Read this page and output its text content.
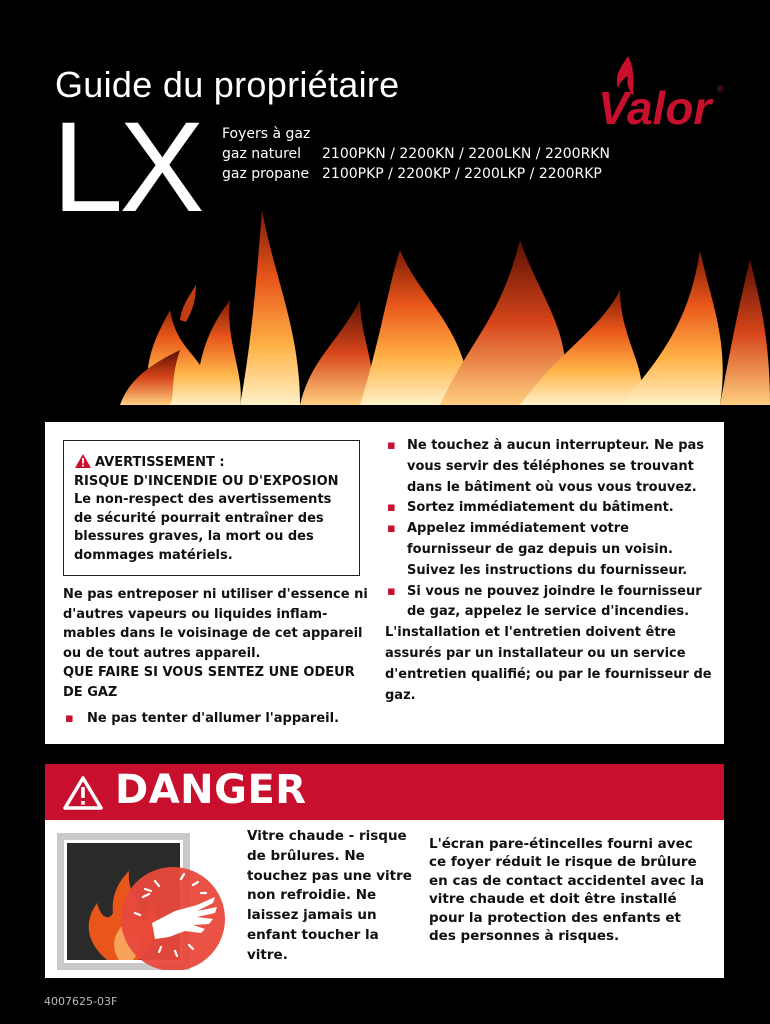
Guide du propriétaire
LX Foyers à gaz
gaz naturel	2100PKN / 2200KN / 2200LKN / 2200RKN
gaz propane 2100PKP / 2200KP / 2200LKP / 2200RKP
Valor ®
AVERTISSEMENT :
RISQUE D'INCENDIE OU D'EXPOSION
Le non-respect des avertissements de sécurité pourrait entraîner des blessures graves, la mort ou des dommages matériels.
Ne pas entreposer ni utiliser d'essence ni d'autres vapeurs ou liquides inflam-mables dans le voisinage de cet appareil ou de tout autres appareil.
QUE FAIRE SI VOUS SENTEZ UNE ODEUR DE GAZ
▪	Ne pas tenter d'allumer l'appareil.
▪ Ne touchez à aucun interrupteur. Ne pas vous servir des téléphones se trouvant dans le bâtiment où vous vous trouvez.
▪ Sortez immédiatement du bâtiment.
▪ Appelez immédiatement votre fournisseur de gaz depuis un voisin. Suivez les instructions du fournisseur.
▪ Si vous ne pouvez joindre le fournisseur de gaz, appelez le service d'incendies.
L'installation et l'entretien doivent être assurés par un installateur ou un service d'entretien qualifié; ou par le fournisseur de gaz.
DANGER
Vitre chaude - risque de brûlures. Ne touchez pas une vitre non refroidie. Ne laissez jamais un enfant toucher la vitre.
L'écran pare-étincelles fourni avec ce foyer réduit le risque de brûlure en cas de contact accidentel avec la vitre chaude et doit être installé pour la protection des enfants et des personnes à risques.
4007625-03F
